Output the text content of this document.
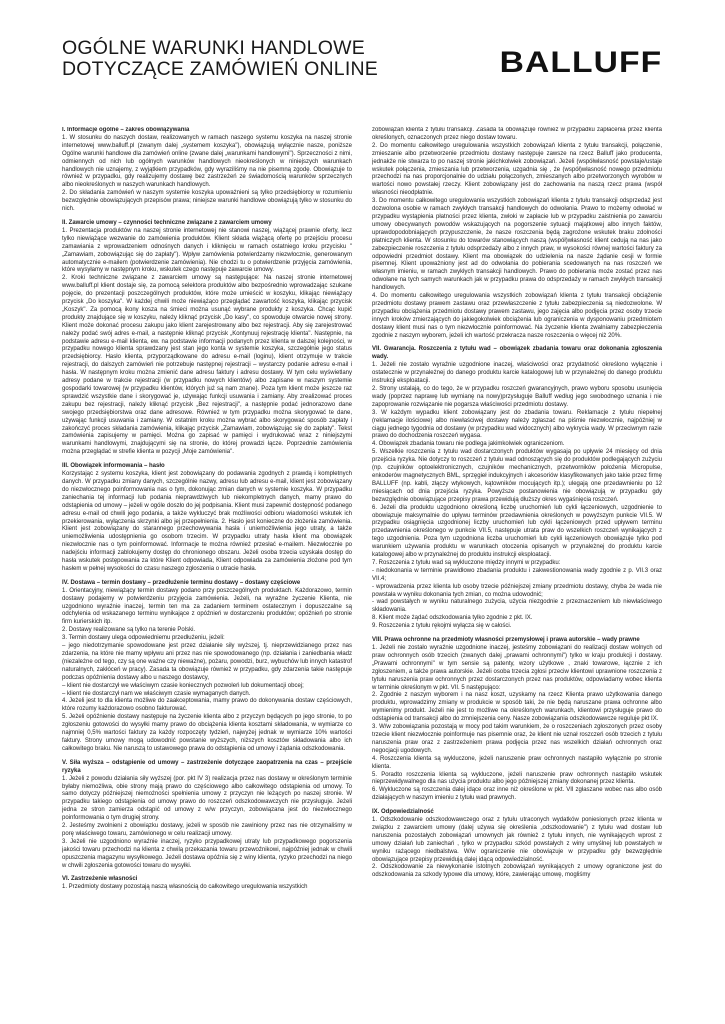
OGÓLNE WARUNKI HANDLOWE
DOTYCZĄCE ZAMÓWIEŃ ONLINE	BALLUFF

I. Informacje ogólne – zakres obowiązywania

1. W stosunku do naszych dostaw, realizowanych w ramach naszego systemu koszyka na naszej stronie internetowej www.balluff.pl (zwanym dalej „systemem koszyka"), obowiązują wyłącznie nasze, poniższe Ogólne warunki handlowe dla zamówień online (zwane dalej „warunkami handlowymi"). Sprzeczności z nimi, odmiennych od nich lub ogólnych warunków handlowych nieokreślonych w niniejszych warunkach handlowych nie uznajemy, z wyjątkiem przypadków, gdy wyraziliśmy na nie pisemną zgodę. Obowiązuje to również w przypadku, gdy realizujemy dostawę bez zastrzeżeń ze świadomością warunków sprzecznych albo nieokreślonych w naszych warunkach handlowych.

2. Do składania zamówień w naszym systemie koszyka upoważnieni są tylko przedsiębiorcy w rozumieniu bezwzględnie obowiązujących przepisów prawa; niniejsze warunki handlowe obowiązują tylko w stosunku do nich.

II. Zawarcie umowy – czynności techniczne związane z zawarciem umowy

1. Prezentacja produktów na naszej stronie internetowej nie stanowi naszej, wiążącej prawnie oferty, lecz tylko niewiążące wezwanie do zamówienia produktów. Klient składa wiążącą ofertę po przejściu procesu zamawiania z wprowadzeniem odnośnych danych i kliknięciu w ramach ostatniego kroku przycisku " „Zamawiam, zobowiązując się do zapłaty"). Wpływ zamówienia potwierdzamy niezwłocznie, generowanym automatycznie e-mailem (potwierdzenie zamówienia). Nie chodzi tu o potwierdzenie przyjęcia zamówienia, które wysyłamy w następnym kroku, wskutek czego następuje zawarcie umowy.

2. Kroki techniczne związane z zawarciem umowy są następujące: Na naszej stronie internetowej www.balluff.pl klient dostaje się, za pomocą selektora produktów albo bezpośrednio wprowadzając szukane pojęcie, do prezentacji poszczególnych produktów, które może umieścić w koszyku, klikając niewiążący przycisk „Do koszyka". W każdej chwili może niewiążąco przeglądać zawartość koszyka, klikając przycisk „Koszyk". Za pomocą ikony kosza na śmieci można usunąć wybrane produkty z koszyka. Chcąc kupić produkty znajdujące się w koszyku, należy kliknąć przycisk „Do kasy", co spowoduje otwarcie nowej strony. Klient może dokonać procesu zakupu jako klient zarejestrowany albo bez rejestracji. Aby się zarejestrować należy podać swój adres e-mail, a następnie kliknąć przycisk „Kontynuuj rejestrację klienta". Następnie, na podstawie adresu e-mail klienta, ew. na podstawie informacji podanych przez klienta w dalszej kolejności, w przypadku nowego klienta sprawdzany jest stan jego konta w systemie koszyka, szczegółnie jego status przedsiębiorcy. Hasło klienta, przyporządkowane do adresu e-mail (loginu), klient otrzymuje w trakcie rejestracji, do dalszych zamówień nie potrzebuje następnej rejestracji – wystarczy podanie adresu e-mail i hasła. W następnym kroku można zmienić dane adresu faktury i adresu dostawy. W tym celu wyświetlany adresy podane w trakcie rejestracji (w przypadku nowych klientów) albo zapisane w naszym systemie gospodarki towarowej (w przypadku klientów, których już są nam znane). Poza tym klient może jeszcze raz sprawdzić wszystkie dane i skorygować je, używając funkcji usuwania i zamiany. Aby zrealizować proces zakupu bez rejestracji, należy kliknąć przycisk „Bez rejestracji", a następnie podać jednorazowo dane swojego przedsiębiorstwa oraz dane adresowe. Również w tym przypadku można skorygować te dane, używając funkcji usuwania i zamiany. W ostatnim kroku można wybrać albo skorygować sposób zapłaty i zakończyć proces składania zamówienia, klikając przycisk „Zamawiam, zobowiązując się do zapłaty". Tekst zamówienia zapisujemy w pamięci. Można go zapisać w pamięci i wydrukować wraz z niniejszymi warunkami handlowymi, znajdującymi się na stronie, do której prowadzi łącze. Poprzednie zamówienia można przeglądać w strefie klienta w pozycji „Moje zamówienia".

III. Obowiązek informowania – hasło

Korzystając z systemu koszyka, klient jest zobowiązany do podawania zgodnych z prawdą i kompletnych danych. W przypadku zmiany danych, szczególnie nazwy, adresu lub adresu e-mail, klient jest zobowiązany do niezwłocznego poinformowania nas o tym, dokonując zmian danych w systemie koszyka. W przypadku zaniechania tej informacji lub podania nieprawdziwych lub niekompletnych danych, mamy prawo do odstąpienia od umowy – jeżeli w ogóle doszło do jej podpisania. Klient musi zapewnić dostępność podanego adresu e-mail od chwili jego podania, a także wykluczyć brak możliwości odbioru wiadomości wskutek ich przekierowania, wyłączenia skrzynki albo jej przepełnienia. 2. Hasło jest konieczne do złożenia zamówienia. Klient jest zobowiązany do starannego przechowywania hasła i uniemożliwienia jego utraty, a także uniemożliwienia udostępnienia go osobom trzecim. W przypadku utraty hasła klient ma obowiązek niezwłocznie nas o tym poinformować. Informacje te można również przesłać e-mailem. Niezwłocznie po nadejściu informacji zablokujemy dostęp do chronionego obszaru. Jeżeli osoba trzecia uzyskała dostęp do hasła wskutek postępowania za które Klient odpowiada, Klient odpowiada za zamówienia złożone pod tym hasłem w pełnej wysokości do czasu naszego zgłoszenia o utracie hasła.

IV. Dostawa – termin dostawy – przedłużenie terminu dostawy – dostawy częściowe

1. Orientacyjny, niewiążący termin dostawy podano przy poszczególnych produktach. Każdorazowo, termin dostawy podajemy w potwierdzeniu przyjęcia zamówienia. Jeżeli, na wyraźne życzenie Klienta, nie uzgodniono wyraźnie inaczej, termin ten ma za zadaniem terminem ostatecznym i dopuszczalne są odchylenia od wskazanego terminu wynikające z opóźnień w dostarczeniu produktów; opóźnień po stronie firm kurierskich itp.

2. Dostawy realizowane są tylko na terenie Polski.

3. Termin dostawy ulega odpowiedniemu przedłużeniu, jeżeli:

– jego niedotrzymanie spowodowane jest przez działanie siły wyższej, tj. nieprzewidzianego przez nas zdarzenia, na które nie mamy wpływu ani przez nas nie spowodowanego (np. działania i zaniedbania władz (niezależne od tego, czy są one ważne czy nieważne), pożaru, powodzi, burz, wybuchów lub innych katastrof naturalnych, zakłóceń w pracy). Zasada ta obowiązuje również w przypadku, gdy zdarzenia takie następuje podczas opóźnienia dostawy albo u naszego dostawcy,

– klient nie dostarczył we właściwym czasie koniecznych pozwoleń lub dokumentacji obcej;

– klient nie dostarczył nam we właściwym czasie wymaganych danych.

4. Jeżeli jest to dla klienta możliwe do zaakceptowania, mamy prawo do dokonywania dostaw częściowych, które rozumy każdorazowo osobno fakturować.

5. Jeżeli opóźnienie dostawy następuje na życzenie klienta albo z przyczyn będących po jego stronie, to po zgłoszeniu gotowości do wysyłki mamy prawo do obciążenia klienta kosztami składowania, w wymiarze co najmniej 0,5% wartości faktury za każdy rozpoczęty tydzień, najwyżej jednak w wymiarze 10% wartości faktury. Strony umowy mogą udowodnić powstanie wyższych, niższych kosztów składowania albo ich całkowitego braku. Nie naruszą to ustawowego prawa do odstąpienia od umowy i żądania odszkodowania.

V. Siła wyższa – odstąpienie od umowy – zastrzeżenie dotyczące zaopatrzenia na czas – przejście ryzyka

1. Jeżeli z powodu działania siły wyższej (por. pkt IV 3) realizacja przez nas dostawy w określonym terminie byłaby niemożliwa, obie strony mają prawo do częściowego albo całkowitego odstąpienia od umowy. To samo dotyczy późniejszej niemożności spełnienia umowy z przyczyn nie leżących po naszej stronie. W przypadku takiego odstąpienia od umowy prawo do roszczeń odszkodowawczych nie przysługuje. Jeżeli jedna ze stron zamierza odstąpić od umowy z w/w przyczyn, zobowiązana jest do niezwłocznego poinformowania o tym drugiej strony.

2. Jesteśmy zwolnieni z obowiązku dostawy, jeżeli w sposób nie zawiniony przez nas nie otrzymaliśmy w porę właściwego towaru, zamówionego w celu realizacji umowy.

3. Jeżeli nie uzgodniono wyraźnie inaczej, ryzyko przypadkowej utraty lub przypadkowego pogorszenia jakości towaru przechodzi na klienta z chwilą przekazania towaru przewoźnikowi, najpóźniej jednak w chwili opuszczenia magazynu wysyłkowego. Jeżeli dostawa opóźnia się z winy klienta, ryzyko przechodzi na niego w chwili zgłoszenia gotowości towaru do wysyłki.

VI. Zastrzeżenie własności

1. Przedmioty dostawy pozostają naszą własnością do całkowitego uregulowania wszystkich

zobowiązań klienta z tytułu transakcji. Zasada ta obowiązuje również w przypadku zapłacenia przez klienta określonych, oznaczonych przez niego dostaw towaru.

2. Do momentu całkowitego uregulowania wszystkich zobowiązań klienta z tytułu transakcji, połączenie, zmieszanie albo przetworzenie przedmiotu dostawy następuje zawsze na rzecz Balluff jako producenta, jednakże nie stwarza to po naszej stronie jakichkolwiek zobowiązań. Jeżeli (współwłasność powstaje/ustaje wskutek połączenia, zmieszania lub przetworzenia, uzgadnia się , że (współ)własność nowego przedmiotu przechodzi na nas proporcjonalnie do udziału połączonych, zmieszanych albo przetworzonych wyrobów w wartości nowo powstałej rzeczy. Klient zobowiązany jest do zachowania na naszą rzecz prawa (współ własności nieodpłatnie.

3. Do momentu całkowitego uregulowania wszystkich zobowiązań klienta z tytułu transakcji odsprzedaż jest dozwolona osobie w ramach zwykłych transakcji handlowych do odwołania. Prawo to możemy odwołać w przypadku wystąpienia płatności przez klienta, zwłoki w zapłacie lub w przypadku zaistnienia po zawarciu umowy obecywanych powodów wskazujących na pogorszenie sytuacji majątkowej albo innych faktów, uprawdopodobniających przypuszczenie, że nasze roszczenia będą zagrożone wskutek braku zdolności płatniczych klienta. W stosunku do towarów stanowiących naszą (współ)własność klient cedują na nas jako zabezpieczenie roszczenia z tytułu odsprzedaży albo z innych praw, w wysokości równej wartości faktury za odpowiedni przedmiot dostawy. Klient ma obowiązek do udzielenia na nasze żądanie cesji w formie pisemnej. Klient upoważniony jest ad do odwołania do pobierania scedowanych na nas roszczeń we własnym imieniu, w ramach zwykłych transakcji handlowych. Prawo do pobierania może zostać przez nas odwołane na tych samych warunkach jak w przypadku prawa do odsprzedaży w ramach zwykłych transakcji handlowych.

4. Do momentu całkowitego uregulowania wszystkich zobowiązań klienta z tytułu transakcji obciążenie przedmiotu dostawy prawem zastawu oraz przewłaszczenie z tytułu zabezpieczenia są niedozwolone. W przypadku obciążenia przedmiotu dostawy prawem zastawu, jego zajęcia albo podjęcia przez osoby trzecie innych kroków zmierzających do jakiegokolwiek obciążenia lub ograniczenia w dysponowaniu przedmiotem dostawy klient musi nas o tym niezwłocznie poinformować. Na życzenie klienta zwalniamy zabezpieczenia zgodnie z naszym wyborem, jeżeli ich wartość przekracza nasze roszczenia o więcej niż 20%.

VII. Gwarancja. Roszczenia z tytułu wad – obowiązek zbadania towaru oraz dokonania zgłoszenia wady.

1. Jeżeli nie zostało wyraźnie uzgodnione inaczej, właściwości oraz przydatność określono wyłącznie i ostatecznie w przynależnej do danego produktu karcie katalogowej lub w przynależnej do danego produktu instrukcji eksploatacji.

2. Strony ustalają, co do tego, że w przypadku roszczeń gwarancyjnych, prawo wyboru sposobu usunięcia wady (poprzez naprawę lub wymianę na nowy)przysługuje Balluff według jego swobodnego uznania i nie zapoprowanie rozwiązanie nie pogarsza właściwości przedmiotu dostawy.

3. W każdym wypadku klient zobowiązany jest do zbadania towaru. Reklamacje z tytułu niepełnej (reklamacje ilościowe) albo niewłaściwej dostawy należy zgłaszać na piśmie niezwłocznie, najpóźniej w ciągu jednego tygodnia od dostawy (w przypadku wad widocznych) albo wykrycia wady. W przeciwnym razie prawo do dochodzenia roszczeń wygasa.

4. Obowiązek zbadania towaru nie podlega jakimkolwiek ograniczeniom.

5. Wszelkie roszczenia z tytułu wad dostarczonych produktów wygasają po upływie 24 miesięcy od dnia przejścia ryzyka. Nie dotyczy to roszczeń z tytułu wad odnoszących się do produktów podlegających zużyciu (np. czujników optoelektronicznych, czujników mechanicznych, przetworników położenia Micropulse, enkoderów magnetycznych BML, sprzęgieł indukcyjnych i akcesoriów klasyfikowanych jako takie przez firmę BALLUFF (np. kabli, złączy wtykowych, kątowników mocujących itp.); ulegają one przedawnieniu po 12 miesiącach od dnia przejścia ryzyka. Powyższe postanowienia nie obowiązują w przypadku gdy bezwzględnie obowiązujące przepisy prawa przewidują dłuższy okres wygaśnięcia roszczeń.

6. Jeżeli dla produktu uzgodniono określoną liczbę uruchomień lub cykli łączeniowych, uzgodnienie to obowiązuje maksymalnie do upływu terminów przedawnienia określonych w powyższym punkcie VII.5. W przypadku osiągnięcia uzgodnionej liczby uruchomień lub cykli łączeniowych przed upływem terminu przedawnienia określonego w punkcie VII.5, następuje utrata praw do wszelkich roszczeń wynikających z tego uzgodnienia. Poza tym uzgodniona liczba uruchomień lub cykli łączeniowych obowiązuje tylko pod warunkiem używania produktu w warunkach otoczenia opisanych w przynależnej do produktu karcie katalogowej albo w przynależnej do produktu instrukcji eksploatacji.

7. Roszczenia z tytułu wad są wykluczone między innymi w przypadku:

- niedokonania w terminie prawidłowo zbadania produktu i zakwestionowania wady zgodnie z p. VII.3 oraz VII.4;

- wprowadzenia przez klienta lub osoby trzecie późniejszej zmiany przedmiotu dostawy, chyba że wada nie powstała w wyniku dokonania tych zmian, co można udowodnić;

- wad powstałych w wyniku naturalnego zużycia, użycia niezgodnie z przeznaczeniem lub niewłaściwego składowania.

8. Klient może żądać odszkodowania tylko zgodnie z pkt. IX.

9. Roszczenia z tytułu rękojmi wyłącza się w całości.

VIII. Prawa ochronne na przedmioty własności przemysłowej i prawa autorskie – wady prawne

1. Jeżeli nie zostało wyraźnie uzgodnione inaczej, jesteśmy zobowiązani do realizacji dostaw wolnych od praw ochronnych osób trzecich (zwanych dalej „prawami ochronnymi") tylko w kraju produkcji i dostawy. „Prawami ochronnymi" w tym sensie są patenty, wzory użytkowe , znaki towarowe, łącznie z ich zgłoszeniem, a także prawa autorskie. Jeżeli osoba trzecia zgłosi przeciw klientowi uprawnione roszczenia z tytułu naruszenia praw ochronnych przez dostarczonych przez nas produktów, odpowiadamy wobec klienta w terminie określonym w pkt. VII. 5 następująco:

2. Zgodnie z naszym wyborem i na nasz koszt, uzyskamy na rzecz Klienta prawo użytkowania danego produktu, wprowadzimy zmiany w produkcie w sposób taki, że nie będą naruszane prawa ochronne albo wymienimy produkt. Jeżeli nie jest to możliwe na określonych warunkach, klientowi przysługuje prawo do odstąpienia od transakcji albo do zmniejszenia ceny. Nasze zobowiązania odszkodowawcze reguluje pkt IX.

3. W/w zobowiązania pozostają w mocy pod takim warunkiem, że o roszczeniach zgłoszonych przez osoby trzecie klient niezwłocznie poinformuje nas pisemnie oraz, że klient nie uznał roszczeń osób trzecich z tytułu naruszenia praw oraz z zastrzeżeniem prawa podjęcia przez nas wszelkich działań ochronnych oraz negocjacji ugodowych.

4. Roszczenia klienta są wykluczone, jeżeli naruszenie praw ochronnych nastąpiło wyłącznie po stronie klienta.

5. Poradto roszczenia klienta są wykluczone, jeżeli naruszenie praw ochronnych nastąpiło wskutek nieprzewidywalnego dla nas użycia produktu albo jego późniejszej zmiany dokonanej przez klienta.

6. Wykluczone są roszczenia dalej idące oraz inne niż określone w pkt. VII zgłaszane wobec nas albo osób działających w naszym imieniu z tytułu wad prawnych.

IX. Odpowiedzialność

1. Odszkodowanie odszkodowawczego oraz z tytułu utraconych wydatków poniesionych przez klienta w związku z zawarciem umowy (dalej używa się określenia „odszkodowanie") z tytułu wad dostaw lub naruszenia pozostałych zobowiązań umownych jak również z tytułu innych, nie wynikających wprost z umowy działań lub zaniechań , tylko w przypadku szkód powstałych z winy umyślnej lub powstałych w wyniku rażącego niedbalstwa. W/w ograniczenie nie obowiązuje w przypadku gdy bezwzględnie obowiązujące przepisy przewidują dalej idącą odpowiedzialność.

2. Odszkodowanie za niewykonanie istotnych zobowiązań wynikających z umowy ograniczone jest do odszkodowania za szkody typowe dla umowy, które, zawierając umowę, mogliśmy
